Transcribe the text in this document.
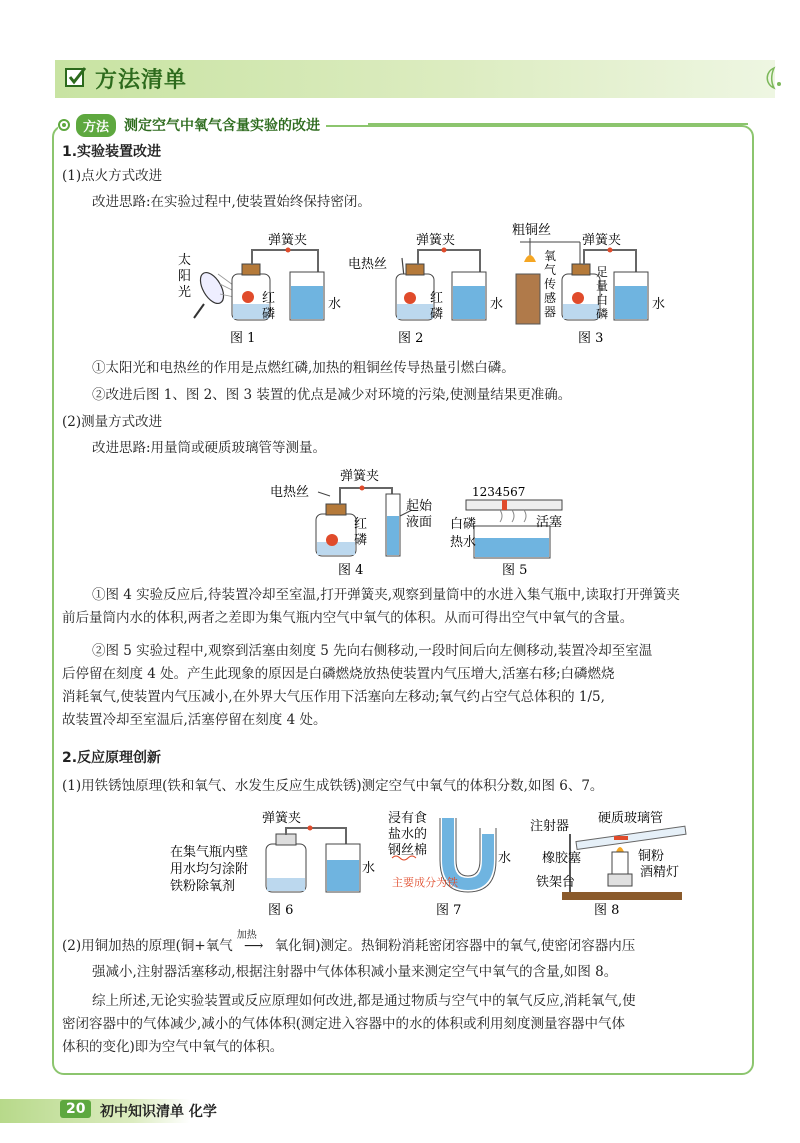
方法清单
方法	测定空气中氧气含量实验的改进
1.实验装置改进
(1)点火方式改进
改进思路:在实验过程中,使装置始终保持密闭。
太
阳
光
弹簧夹
红
磷
水
图 1
电热丝
弹簧夹
红
磷
水
图 2
粗铜丝
氧
气
传
感
器
弹簧夹
足
量
白
磷
水
图 3
①太阳光和电热丝的作用是点燃红磷,加热的粗铜丝传导热量引燃白磷。
②改进后图 1、图 2、图 3 装置的优点是减少对环境的污染,使测量结果更准确。
(2)测量方式改进
改进思路:用量筒或硬质玻璃管等测量。
电热丝
弹簧夹
红
磷
起始
液面
图 4
1234567
白磷
热水
活塞
图 5
①图 4 实验反应后,待装置冷却至室温,打开弹簧夹,观察到量筒中的水进入集气瓶中,读取打开弹簧夹
前后量筒内水的体积,两者之差即为集气瓶内空气中氧气的体积。从而可得出空气中氧气的含量。
②图 5 实验过程中,观察到活塞由刻度 5 先向右侧移动,一段时间后向左侧移动,装置冷却至室温
后停留在刻度 4 处。产生此现象的原因是白磷燃烧放热使装置内气压增大,活塞右移;白磷燃烧
消耗氧气,使装置内气压减小,在外界大气压作用下活塞向左移动;氧气约占空气总体积的 1/5,
故装置冷却至室温后,活塞停留在刻度 4 处。
2.反应原理创新
(1)用铁锈蚀原理(铁和氧气、水发生反应生成铁锈)测定空气中氧气的体积分数,如图 6、7。
在集气瓶内壁
用水均匀涂附
铁粉除氧剂
弹簧夹
水
图 6
浸有食
盐水的
钢丝棉
水
主要成分为铁
图 7
注射器
硬质玻璃管
铜粉
橡胶塞
酒精灯
铁架台
图 8
(2)用铜加热的原理(铜+氧气
加热
⟶ 氧化铜)测定。热铜粉消耗密闭容器中的氧气,使密闭容器内压
强减小,注射器活塞移动,根据注射器中气体体积减小量来测定空气中氧气的含量,如图 8。
综上所述,无论实验装置或反应原理如何改进,都是通过物质与空气中的氧气反应,消耗氧气,使
密闭容器中的气体减少,减小的气体体积(测定进入容器中的水的体积或利用刻度测量容器中气体
体积的变化)即为空气中氧气的体积。
20	初中知识清单 化学
